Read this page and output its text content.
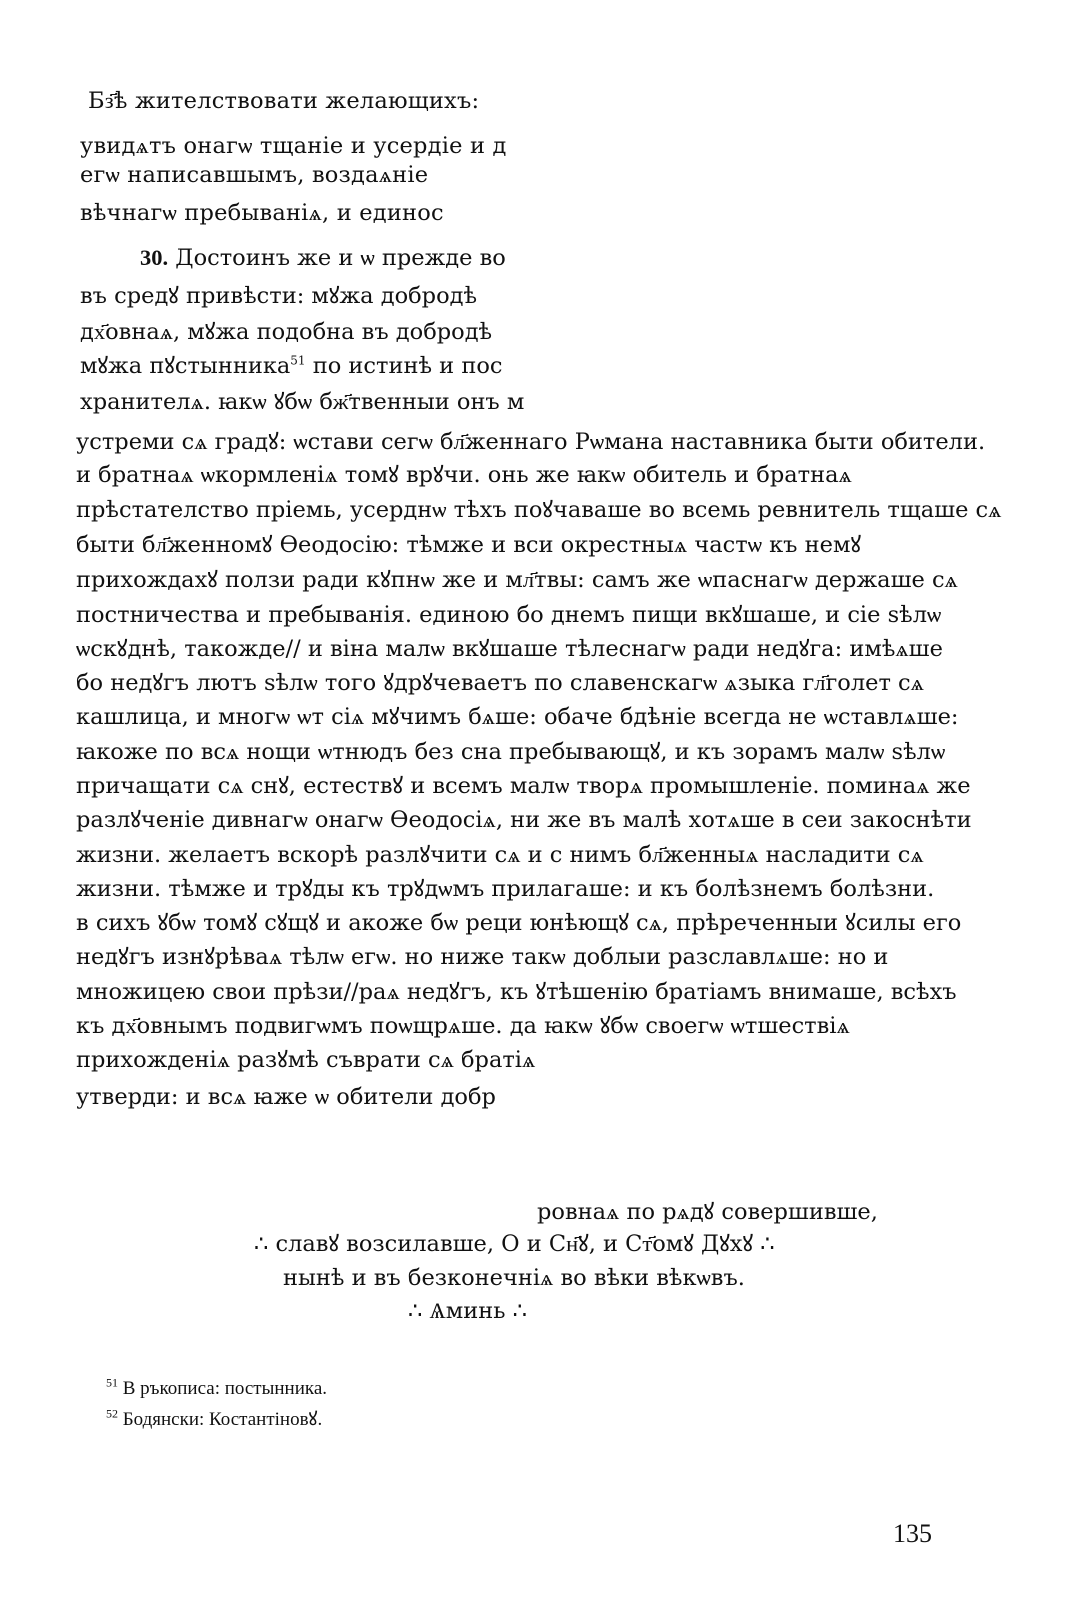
Бз҃ѣ жителствовати желающихъ:
увидѧтъ онагѡ тщаніе и усердіе и д
егѡ написавшымъ, воздаѧніе
вѣчнагѡ пребываніѧ, и единос
30. Достоинъ же и ѡ прежде во
въ средꙋ привѣсти: мꙋжа добродѣ
дх҃овнаѧ, мꙋжа подобна въ добродѣ
мꙋжа пꙋстынника$^{51}$ по истинѣ и пос
хранителѧ. ꙗкѡ ꙋбѡ бж҃твенныи онъ м
устреми сѧ градꙋ: ѡстави сегѡ бл҃женнаго Рѡмана наставника быти обители.
и братнаѧ ѡкормленіѧ томꙋ врꙋчи. онь же ꙗкѡ обитель и братнаѧ
прѣстателство пріемь, усерднѡ тѣхъ поꙋчаваше во всемь ревнитель тщаше сѧ
быти бл҃женномꙋ Ѳеодосію: тѣмже и вси окрестныѧ частѡ къ немꙋ
прихождахꙋ ползи ради кꙋпнѡ же и мл҃твы: самъ же ѡпаснагѡ держаше сѧ
постничества и пребыванія. единою бо днемъ пищи вкꙋшаше, и сіе ѕѣлѡ
ѡскꙋднѣ, такожде// и віна малѡ вкꙋшаше тѣлеснагѡ ради недꙋга: имѣѧше
бо недꙋгъ лютъ ѕѣлѡ того ꙋдрꙋчеваетъ по славенскагѡ ѧзыка гл҃голет сѧ
кашлица, и многѡ ѡт сіѧ мꙋчимъ бѧше: обаче бдѣніе всегда не ѡставлѧше:
ꙗкоже по всѧ нощи ѡтнюдъ без сна пребывающꙋ, и къ зорамъ малѡ ѕѣлѡ
причащати сѧ снꙋ, естествꙋ и всемъ малѡ творѧ промышленіе. поминаѧ же
разлꙋченіе дивнагѡ онагѡ Ѳеодосіѧ, ни же въ малѣ хотѧше в сеи закоснѣти
жизни. желаетъ вскорѣ разлꙋчити сѧ и с нимъ бл҃женныѧ насладити сѧ
жизни. тѣмже и трꙋды къ трꙋдѡмъ прилагаше: и къ болѣзнемъ болѣзни.
в сихъ ꙋбѡ томꙋ сꙋщꙋ и акоже бѡ реци юнѣющꙋ сѧ, прѣреченныи ꙋсилы его
недꙋгъ изнꙋрѣваѧ тѣлѡ егѡ. но ниже такѡ доблыи разславлѧше: но и
множицею свои прѣзи//раѧ недꙋгъ, къ ꙋтѣшенію братіамъ внимаше, всѣхъ
къ дх҃овнымъ подвигѡмъ поѡщрѧше. да ꙗкѡ ꙋбѡ своегѡ ѡтшествіѧ
прихожденіѧ разꙋмѣ съврати сѧ братіѧ
утверди: и всѧ ꙗже ѡ обители добр
ровнаѧ по рѧдꙋ совершивше,
∴ славꙋ возсилавше, О и Сн҃ꙋ, и Ст҃омꙋ Дꙋхꙋ ∴
нынѣ и въ безконечніѧ во вѣки вѣкѡвъ.
∴ Ѧминь ∴
$^{51}$ В ръкописа: постынника.
$^{52}$ Бодянски: Костантіновꙋ.
135
